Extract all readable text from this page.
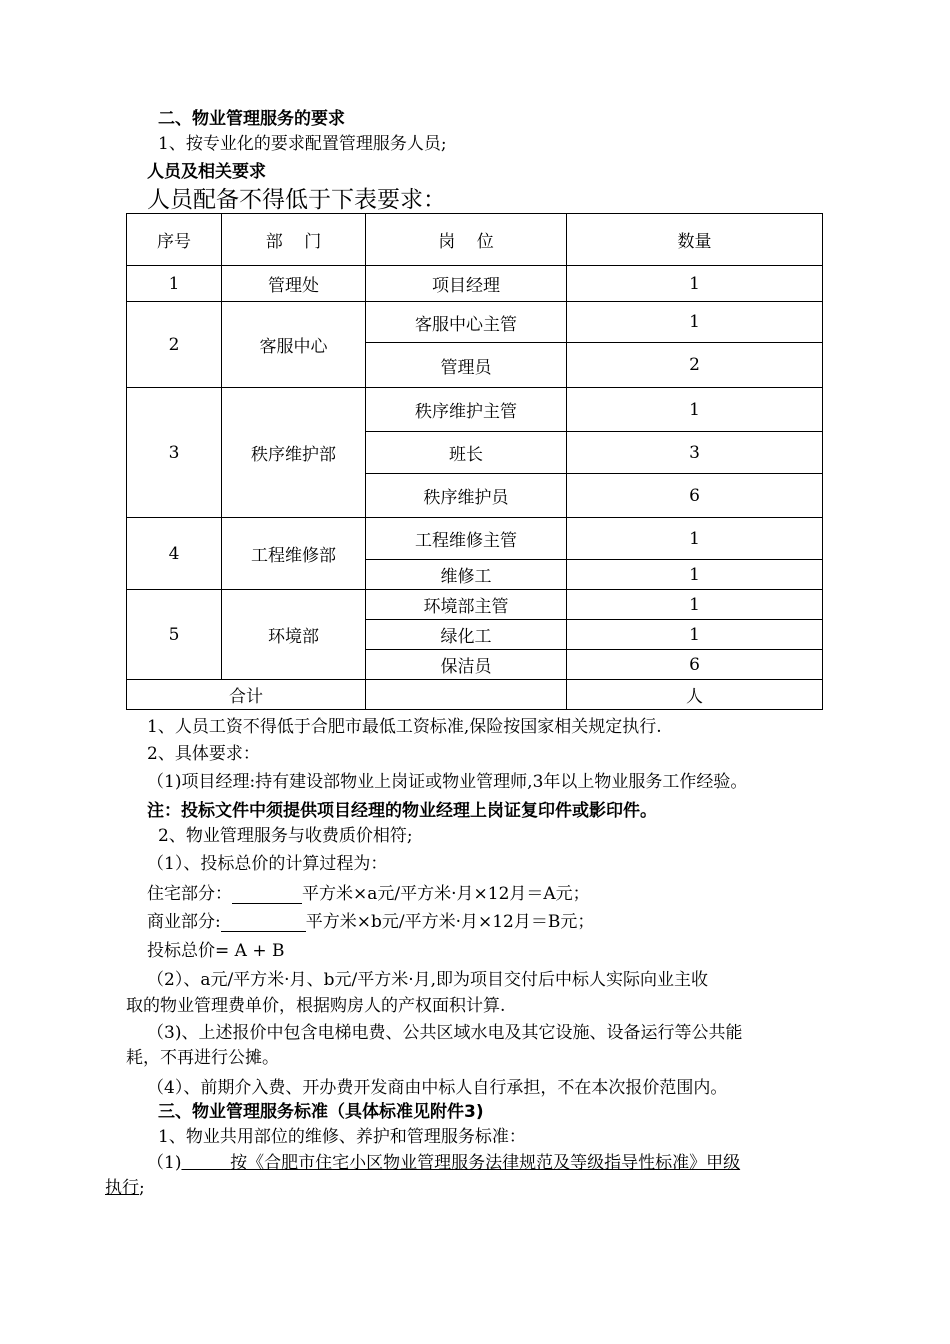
二、物业管理服务的要求
1、按专业化的要求配置管理服务人员;
人员及相关要求
人员配备不得低于下表要求：
序号	部    门	岗    位	数量
1	管理处	项目经理	1
2	客服中心	客服中心主管	1
		管理员	2
3	秩序维护部	秩序维护主管	1
		班长	3
		秩序维护员	6
4	工程维修部	工程维修主管	1
		维修工	1
5	环境部	环境部主管	1
		绿化工	1
		保洁员	6
合计			人
1、人员工资不得低于合肥市最低工资标准,保险按国家相关规定执行.
2、具体要求：
（1)项目经理:持有建设部物业上岗证或物业管理师,3年以上物业服务工作经验。
注：投标文件中须提供项目经理的物业经理上岗证复印件或影印件。
2、物业管理服务与收费质价相符;
（1）、投标总价的计算过程为：
住宅部分：	平方米×a元/平方米·月×12月＝A元；
商业部分:	平方米×b元/平方米·月×12月＝B元；
投标总价= A + B
（2）、a元/平方米·月、b元/平方米·月,即为项目交付后中标人实际向业主收
取的物业管理费单价，根据购房人的产权面积计算.
（3)、上述报价中包含电梯电费、公共区域水电及其它设施、设备运行等公共能
耗，不再进行公摊。
（4）、前期介入费、开办费开发商由中标人自行承担，不在本次报价范围内。
三、物业管理服务标准（具体标准见附件3)
1、物业共用部位的维修、养护和管理服务标准：
（1)	按《合肥市住宅小区物业管理服务法律规范及等级指导性标准》甲级
执行;
